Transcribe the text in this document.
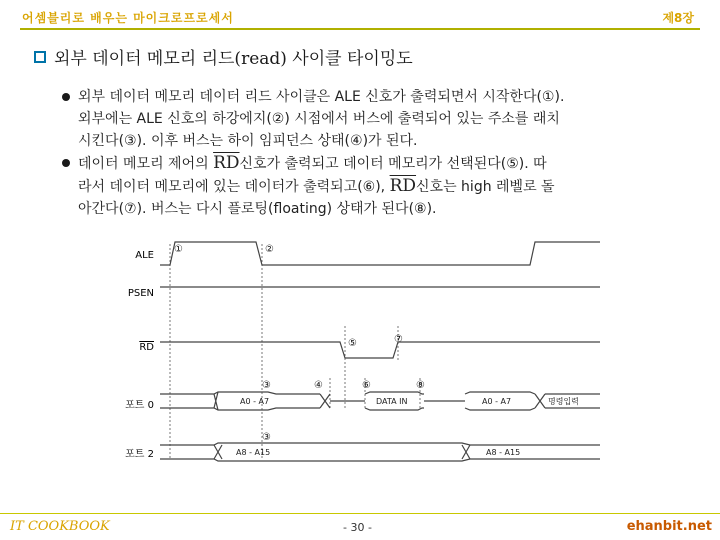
어셈블리로 배우는 마이크로프로세서	제8장
외부 데이터 메모리 리드(read) 사이클 타이밍도
외부 데이터 메모리 데이터 리드 사이클은 ALE 신호가 출력되면서 시작한다(①).
외부에는 ALE 신호의 하강에지(②) 시점에서 버스에 출력되어 있는 주소를 래치
시킨다(③). 이후 버스는 하이 임피던스 상태(④)가 된다.
데이터 메모리 제어의 $\overline{RD}$신호가 출력되고 데이터 메모리가 선택된다(⑤). 따
라서 데이터 메모리에 있는 데이터가 출력되고(⑥), $\overline{RD}$신호는 high 레벨로 돌
아간다(⑦). 버스는 다시 플로팅(floating) 상태가 된다(⑧).
ALE
PSEN
RD
포트 0
포트 2
①	②
③	④
⑤
⑥
⑦
⑧
③
A0 - A7	DATA IN	A0 - A7	명령입력
A8 - A15	A8 - A15
IT COOKBOOK	- 30 -	ehanbit.net
